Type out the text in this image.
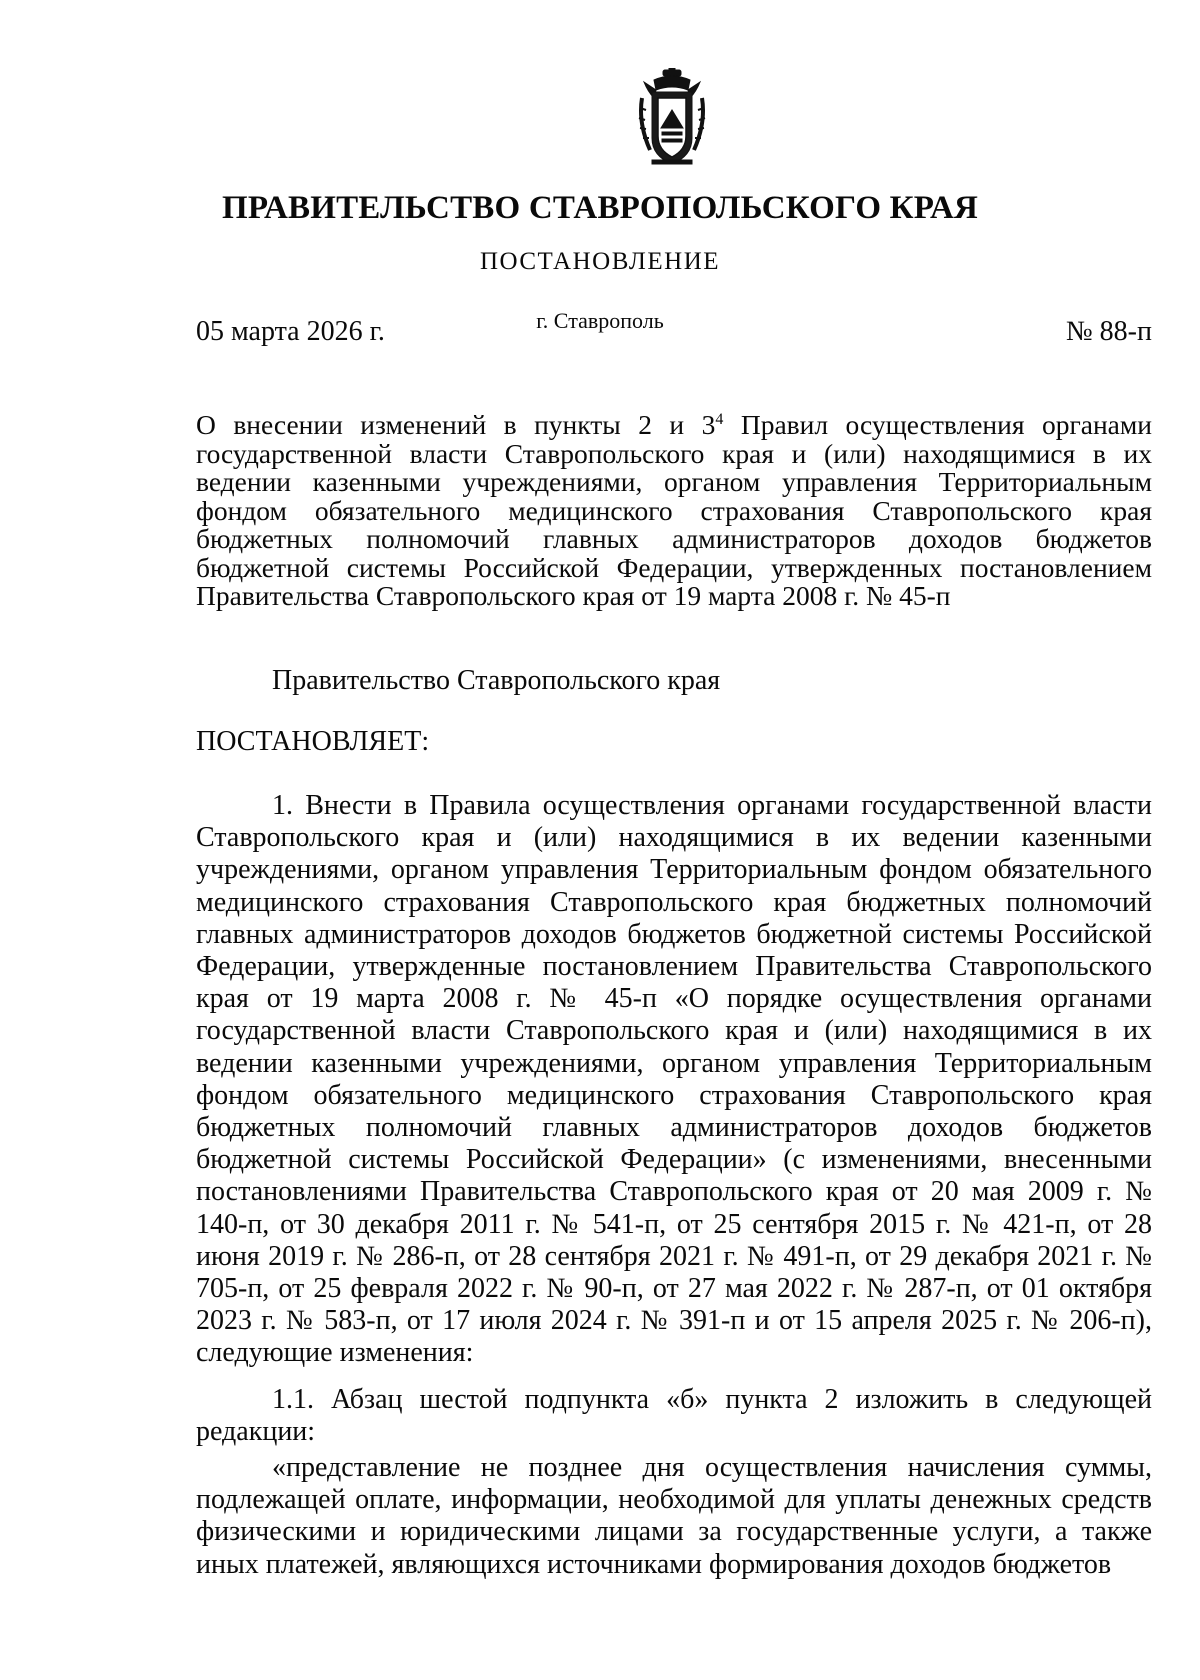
ПРАВИТЕЛЬСТВО СТАВРОПОЛЬСКОГО КРАЯ
ПОСТАНОВЛЕНИЕ
05 марта 2026 г.	г. Ставрополь	№ 88-п
О внесении изменений в пункты 2 и $3^4$ Правил осуществления органами государственной власти Ставропольского края и (или) находящимися в их ведении казенными учреждениями, органом управления Территориальным фондом обязательного медицинского страхования Ставропольского края бюджетных полномочий главных администраторов доходов бюджетов бюджетной системы Российской Федерации, утвержденных постановлением Правительства Ставропольского края от 19 марта 2008 г. № 45-п

Правительство Ставропольского края

ПОСТАНОВЛЯЕТ:

1. Внести в Правила осуществления органами государственной власти Ставропольского края и (или) находящимися в их ведении казенными учреждениями, органом управления Территориальным фондом обязательного медицинского страхования Ставропольского края бюджетных полномочий главных администраторов доходов бюджетов бюджетной системы Российской Федерации, утвержденные постановлением Правительства Ставропольского края от 19 марта 2008 г. № 45-п «О порядке осуществления органами государственной власти Ставропольского края и (или) находящимися в их ведении казенными учреждениями, органом управления Территориальным фондом обязательного медицинского страхования Ставропольского края бюджетных полномочий главных администраторов доходов бюджетов бюджетной системы Российской Федерации» (с изменениями, внесенными постановлениями Правительства Ставропольского края от 20 мая 2009 г. № 140-п, от 30 декабря 2011 г. № 541-п, от 25 сентября 2015 г. № 421-п, от 28 июня 2019 г. № 286-п, от 28 сентября 2021 г. № 491-п, от 29 декабря 2021 г. № 705-п, от 25 февраля 2022 г. № 90-п, от 27 мая 2022 г. № 287-п, от 01 октября 2023 г. № 583-п, от 17 июля 2024 г. № 391-п и от 15 апреля 2025 г. № 206-п), следующие изменения:

1.1. Абзац шестой подпункта «б» пункта 2 изложить в следующей редакции:

«представление не позднее дня осуществления начисления суммы, подлежащей оплате, информации, необходимой для уплаты денежных средств физическими и юридическими лицами за государственные услуги, а также иных платежей, являющихся источниками формирования доходов бюджетов
